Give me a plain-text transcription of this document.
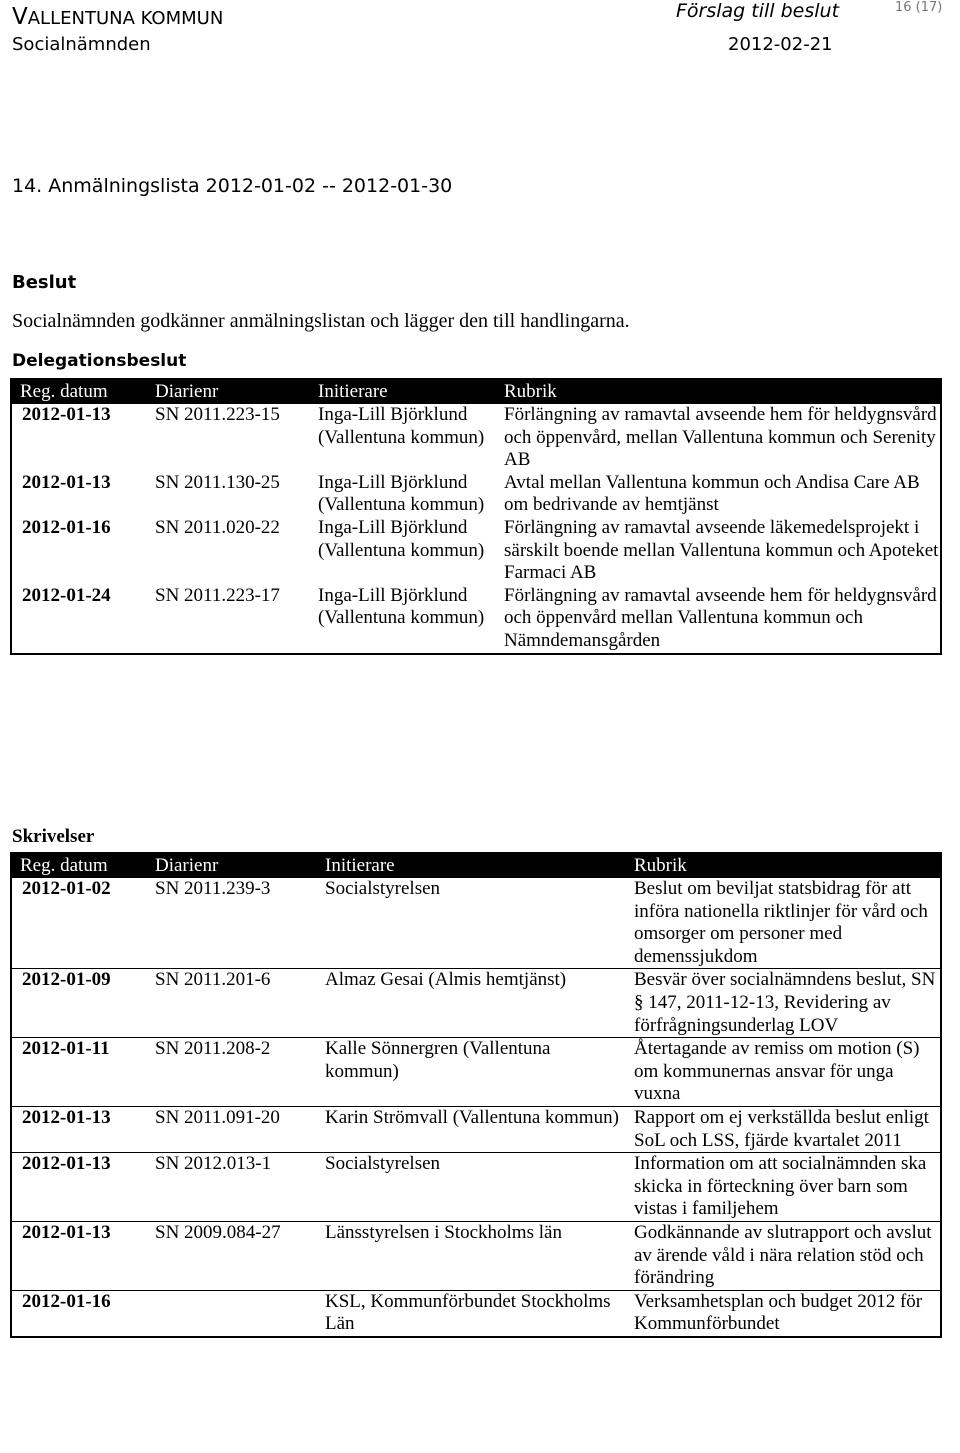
VALLENTUNA KOMMUN
Socialnämnden
Förslag till beslut	16 (17)
2012-02-21
14. Anmälningslista 2012-01-02 -- 2012-01-30
Beslut
Socialnämnden godkänner anmälningslistan och lägger den till handlingarna.
Delegationsbeslut
Reg. datum	Diarienr	Initierare	Rubrik
2012-01-13	SN 2011.223-15	Inga-Lill Björklund (Vallentuna kommun)	Förlängning av ramavtal avseende hem för heldygnsvård och öppenvård, mellan Vallentuna kommun och Serenity AB
2012-01-13	SN 2011.130-25	Inga-Lill Björklund (Vallentuna kommun)	Avtal mellan Vallentuna kommun och Andisa Care AB om bedrivande av hemtjänst
2012-01-16	SN 2011.020-22	Inga-Lill Björklund (Vallentuna kommun)	Förlängning av ramavtal avseende läkemedelsprojekt i särskilt boende mellan Vallentuna kommun och Apoteket Farmaci AB
2012-01-24	SN 2011.223-17	Inga-Lill Björklund (Vallentuna kommun)	Förlängning av ramavtal avseende hem för heldygnsvård och öppenvård mellan Vallentuna kommun och Nämndemansgården
Skrivelser
Reg. datum	Diarienr	Initierare	Rubrik
2012-01-02	SN 2011.239-3	Socialstyrelsen	Beslut om beviljat statsbidrag för att införa nationella riktlinjer för vård och omsorger om personer med demenssjukdom
2012-01-09	SN 2011.201-6	Almaz Gesai (Almis hemtjänst)	Besvär över socialnämndens beslut, SN § 147, 2011-12-13, Revidering av förfrågningsunderlag LOV
2012-01-11	SN 2011.208-2	Kalle Sönnergren (Vallentuna kommun)	Återtagande av remiss om motion (S) om kommunernas ansvar för unga vuxna
2012-01-13	SN 2011.091-20	Karin Strömvall (Vallentuna kommun)	Rapport om ej verkställda beslut enligt SoL och LSS, fjärde kvartalet 2011
2012-01-13	SN 2012.013-1	Socialstyrelsen	Information om att socialnämnden ska skicka in förteckning över barn som vistas i familjehem
2012-01-13	SN 2009.084-27	Länsstyrelsen i Stockholms län	Godkännande av slutrapport och avslut av ärende våld i nära relation stöd och förändring
2012-01-16		KSL, Kommunförbundet Stockholms Län	Verksamhetsplan och budget 2012 för Kommunförbundet
